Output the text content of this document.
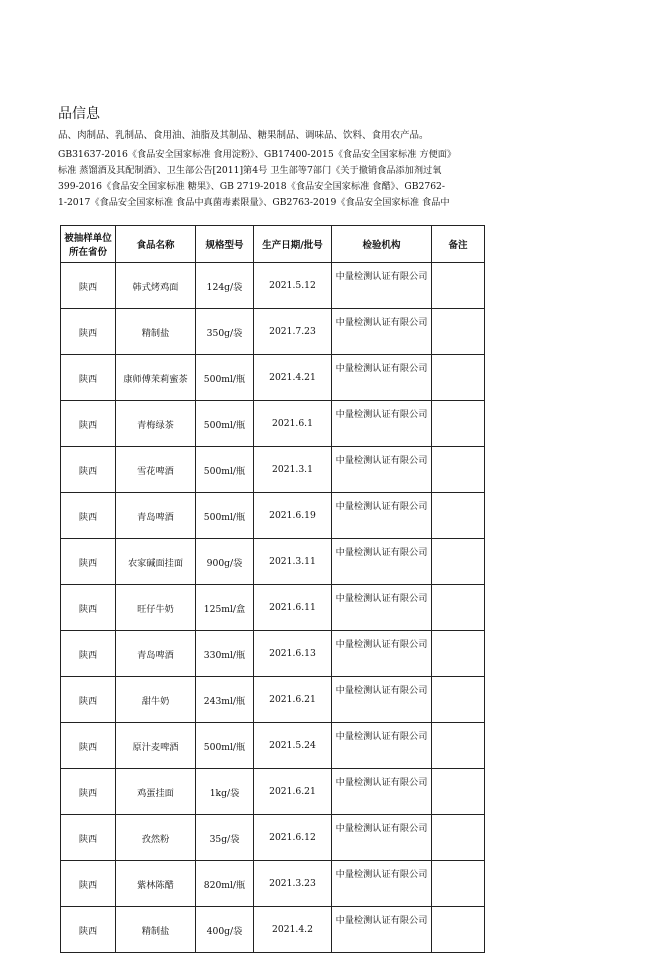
品信息
品、肉制品、乳制品、食用油、油脂及其制品、糖果制品、调味品、饮料、食用农产品。
GB31637-2016《食品安全国家标准 食用淀粉》、GB17400-2015《食品安全国家标准 方便面》
标准 蒸馏酒及其配制酒》、卫生部公告[2011]第4号 卫生部等7部门《关于撤销食品添加剂过氧
399-2016《食品安全国家标准 糖果》、GB 2719-2018《食品安全国家标准 食醋》、GB2762-
1-2017《食品安全国家标准 食品中真菌毒素限量》、GB2763-2019《食品安全国家标准 食品中
被抽样单位所在省份	食品名称	规格型号	生产日期/批号	检验机构	备注
陕西	韩式烤鸡面	124g/袋	2021.5.12	中量检测认证有限公司	
陕西	精制盐	350g/袋	2021.7.23	中量检测认证有限公司	
陕西	康师傅茉莉蜜茶	500ml/瓶	2021.4.21	中量检测认证有限公司	
陕西	青梅绿茶	500ml/瓶	2021.6.1	中量检测认证有限公司	
陕西	雪花啤酒	500ml/瓶	2021.3.1	中量检测认证有限公司	
陕西	青岛啤酒	500ml/瓶	2021.6.19	中量检测认证有限公司	
陕西	农家碱面挂面	900g/袋	2021.3.11	中量检测认证有限公司	
陕西	旺仔牛奶	125ml/盒	2021.6.11	中量检测认证有限公司	
陕西	青岛啤酒	330ml/瓶	2021.6.13	中量检测认证有限公司	
陕西	甜牛奶	243ml/瓶	2021.6.21	中量检测认证有限公司	
陕西	原汁麦啤酒	500ml/瓶	2021.5.24	中量检测认证有限公司	
陕西	鸡蛋挂面	1kg/袋	2021.6.21	中量检测认证有限公司	
陕西	孜然粉	35g/袋	2021.6.12	中量检测认证有限公司	
陕西	紫林陈醋	820ml/瓶	2021.3.23	中量检测认证有限公司	
陕西	精制盐	400g/袋	2021.4.2	中量检测认证有限公司	
